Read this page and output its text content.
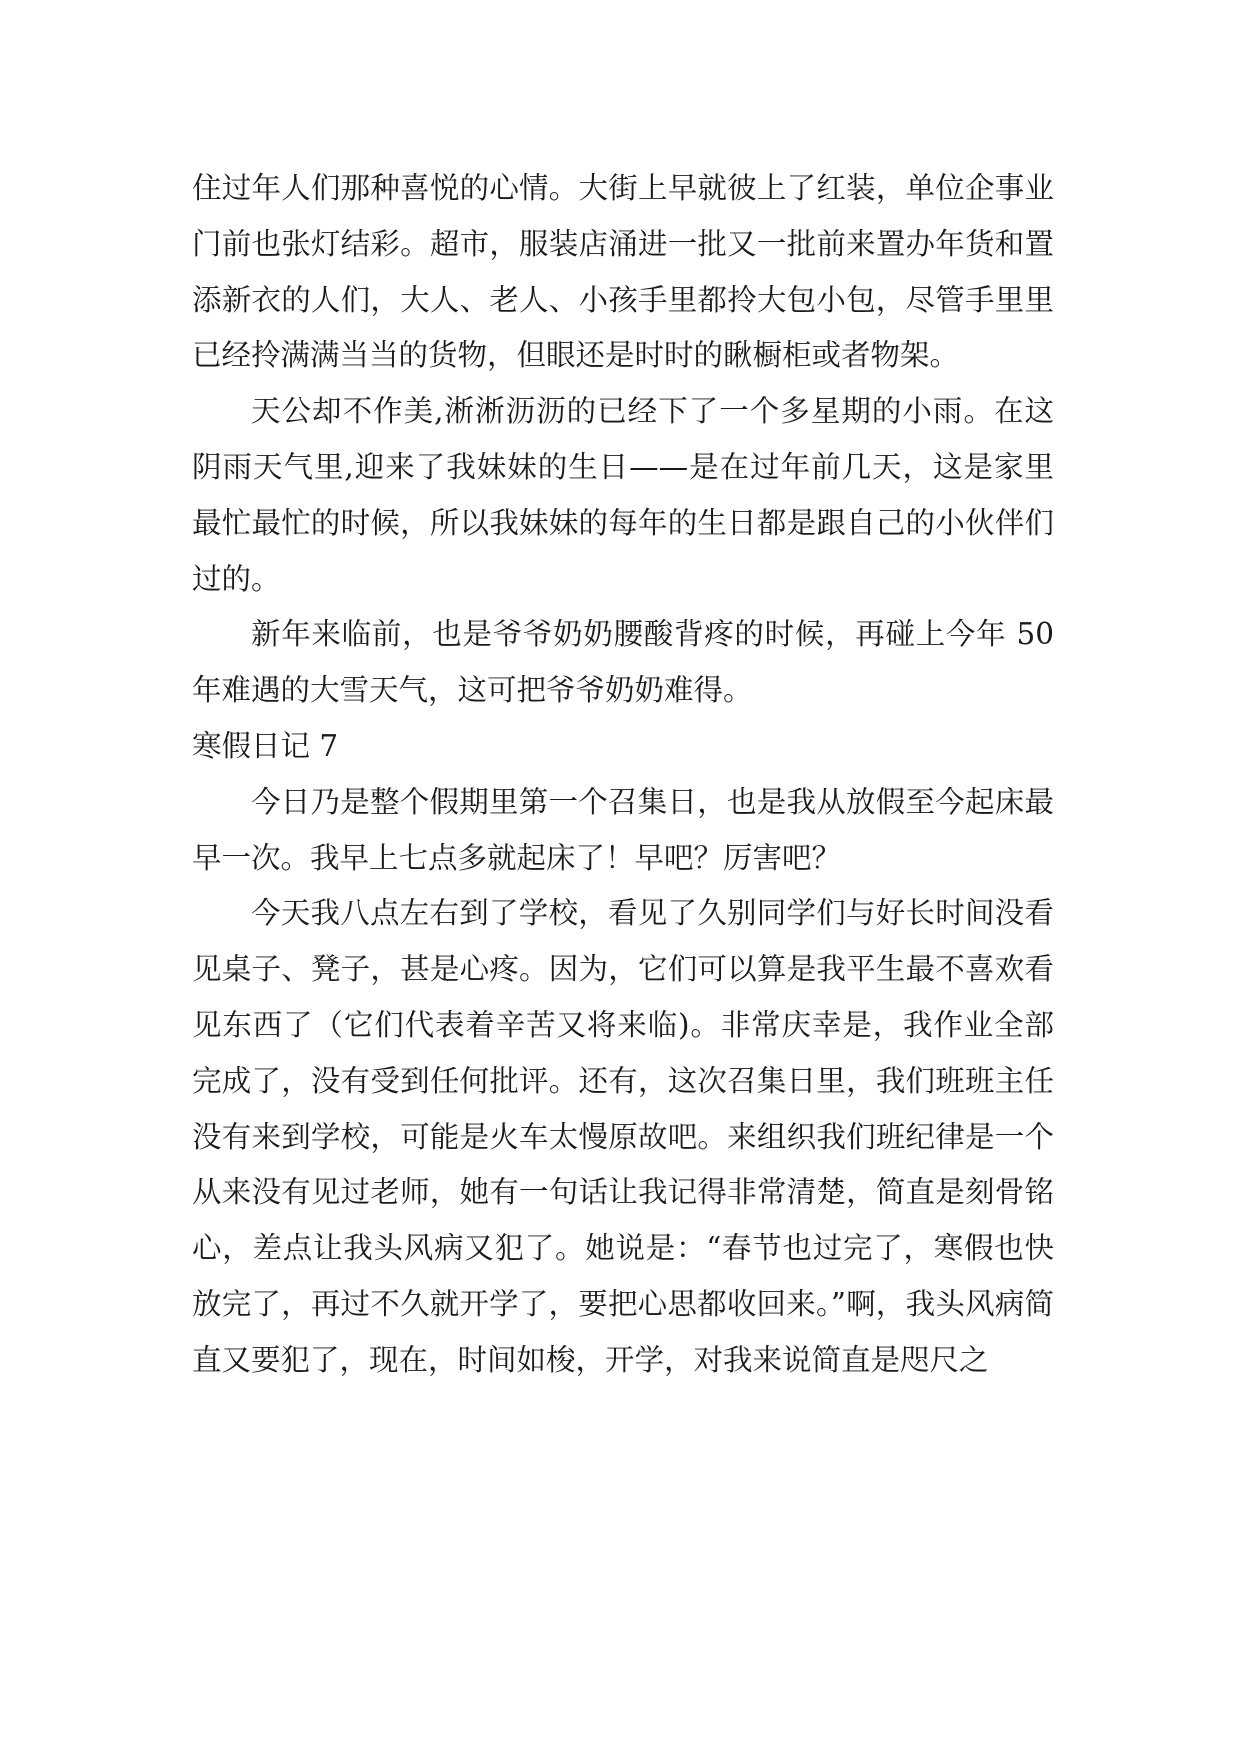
住过年人们那种喜悦的心情。大街上早就彼上了红装，单位企事业门前也张灯结彩。超市，服装店涌进一批又一批前来置办年货和置添新衣的人们，大人、老人、小孩手里都拎大包小包，尽管手里里已经拎满满当当的货物，但眼还是时时的瞅橱柜或者物架。

天公却不作美,淅淅沥沥的已经下了一个多星期的小雨。在这阴雨天气里,迎来了我妹妹的生日——是在过年前几天，这是家里最忙最忙的时候，所以我妹妹的每年的生日都是跟自己的小伙伴们过的。

新年来临前，也是爷爷奶奶腰酸背疼的时候，再碰上今年 50 年难遇的大雪天气，这可把爷爷奶奶难得。

寒假日记 7

今日乃是整个假期里第一个召集日，也是我从放假至今起床最早一次。我早上七点多就起床了！早吧？厉害吧？

今天我八点左右到了学校，看见了久别同学们与好长时间没看见桌子、凳子，甚是心疼。因为，它们可以算是我平生最不喜欢看见东西了（它们代表着辛苦又将来临)。非常庆幸是，我作业全部完成了，没有受到任何批评。还有，这次召集日里，我们班班主任没有来到学校，可能是火车太慢原故吧。来组织我们班纪律是一个从来没有见过老师，她有一句话让我记得非常清楚，简直是刻骨铭心，差点让我头风病又犯了。她说是：“春节也过完了，寒假也快放完了，再过不久就开学了，要把心思都收回来。”啊，我头风病简直又要犯了，现在，时间如梭，开学，对我来说简直是咫尺之
